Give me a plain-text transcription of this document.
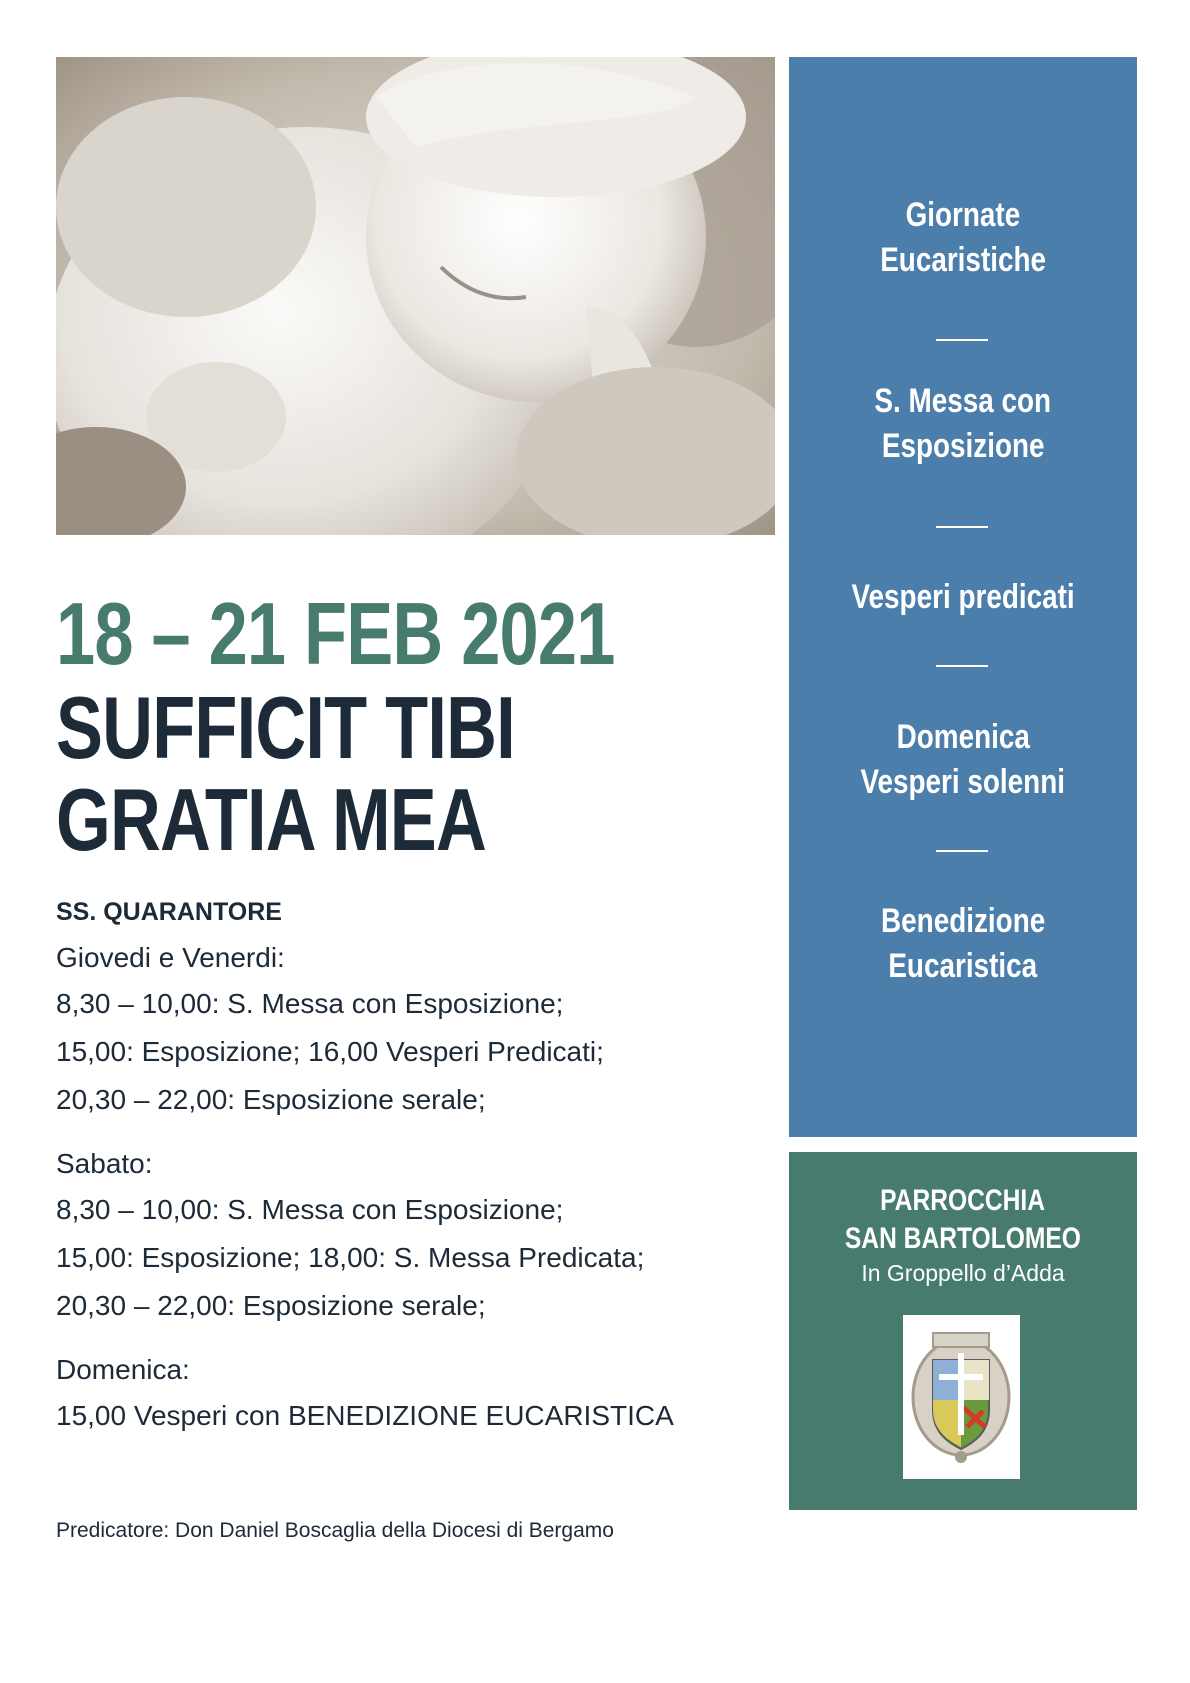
18 – 21 FEB 2021
SUFFICIT TIBI
GRATIA MEA
SS. QUARANTORE
Giovedi e Venerdi:
8,30 – 10,00: S. Messa con Esposizione;
15,00: Esposizione; 16,00 Vesperi Predicati;
20,30 – 22,00: Esposizione serale;
Sabato:
8,30 – 10,00: S. Messa con Esposizione;
15,00: Esposizione; 18,00: S. Messa Predicata;
20,30 – 22,00: Esposizione serale;
Domenica:
15,00 Vesperi con BENEDIZIONE EUCARISTICA
Predicatore: Don Daniel Boscaglia della Diocesi di Bergamo
Giornate
Eucaristiche
S. Messa con
Esposizione
Vesperi predicati
Domenica
Vesperi solenni
Benedizione
Eucaristica
PARROCCHIA
SAN BARTOLOMEO
In Groppello d’Adda
